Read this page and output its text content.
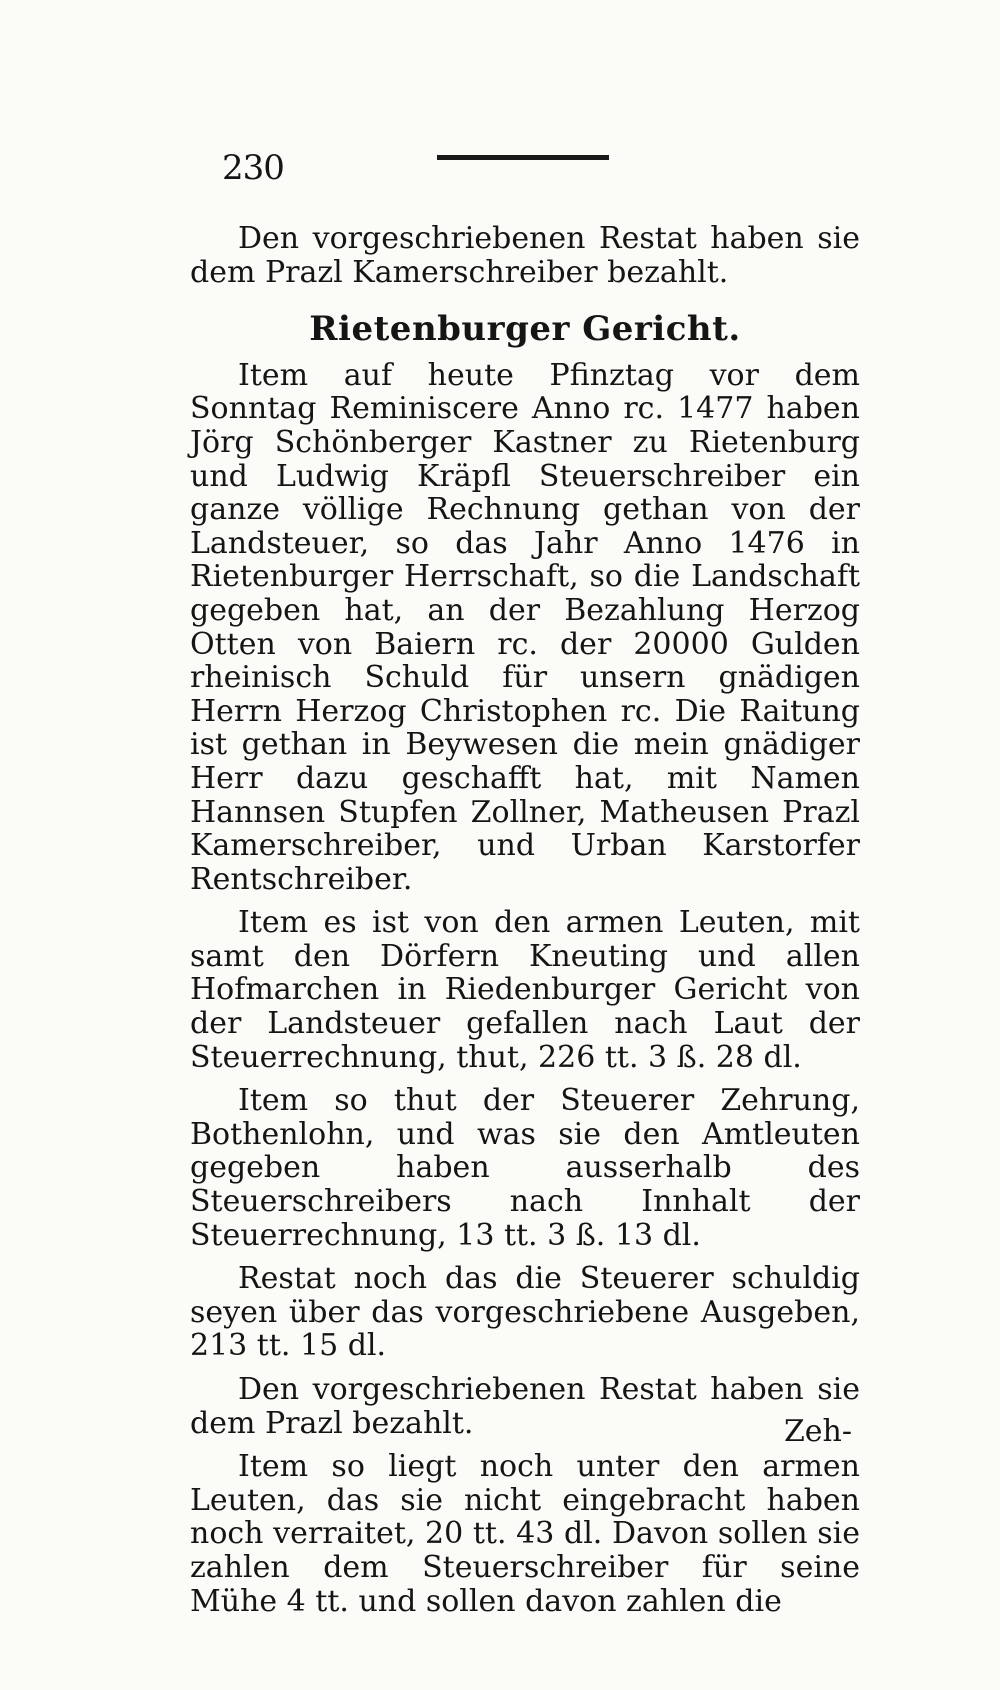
230

Den vorgeschriebenen Restat haben sie dem Prazl Kamerschreiber bezahlt.

Rietenburger Gericht.

Item auf heute Pfinztag vor dem Sonntag Reminiscere Anno rc. 1477 haben Jörg Schönberger Kastner zu Rietenburg und Ludwig Kräpfl Steuerschreiber ein ganze völlige Rechnung gethan von der Landsteuer, so das Jahr Anno 1476 in Rietenburger Herrschaft, so die Landschaft gegeben hat, an der Bezahlung Herzog Otten von Baiern rc. der 20000 Gulden rheinisch Schuld für unsern gnädigen Herrn Herzog Christophen rc. Die Raitung ist gethan in Beywesen die mein gnädiger Herr dazu geschafft hat, mit Namen Hannsen Stupfen Zollner, Matheusen Prazl Kamerschreiber, und Urban Karstorfer Rentschreiber.

Item es ist von den armen Leuten, mit samt den Dörfern Kneuting und allen Hofmarchen in Riedenburger Gericht von der Landsteuer gefallen nach Laut der Steuerrechnung, thut, 226 tt. 3 ß. 28 dl.

Item so thut der Steuerer Zehrung, Bothenlohn, und was sie den Amtleuten gegeben haben ausserhalb des Steuerschreibers nach Innhalt der Steuerrechnung, 13 tt. 3 ß. 13 dl.

Restat noch das die Steuerer schuldig seyen über das vorgeschriebene Ausgeben, 213 tt. 15 dl.

Den vorgeschriebenen Restat haben sie dem Prazl bezahlt.

Item so liegt noch unter den armen Leuten, das sie nicht eingebracht haben noch verraitet, 20 tt. 43 dl. Davon sollen sie zahlen dem Steuerschreiber für seine Mühe 4 tt. und sollen davon zahlen die

Zeh-
